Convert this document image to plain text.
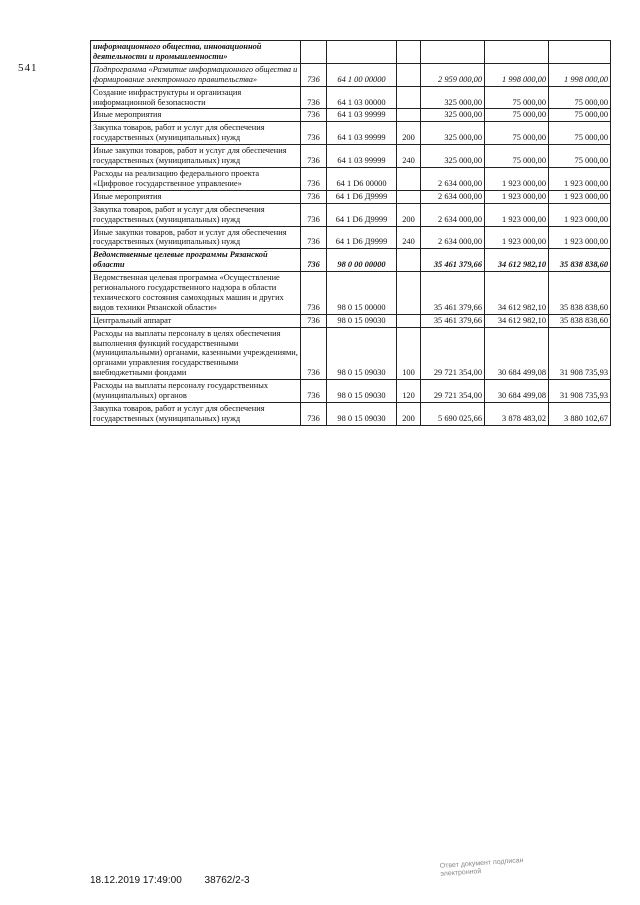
541
информационного общества, инновационной деятельности и промышленности»						
Подпрограмма «Развитие информационного общества и формирование электронного правительства»	736	64 1 00 00000		2 959 000,00	1 998 000,00	1 998 000,00
Создание инфраструктуры и организация информационной безопасности	736	64 1 03 00000		325 000,00	75 000,00	75 000,00
Иные мероприятия	736	64 1 03 99999		325 000,00	75 000,00	75 000,00
Закупка товаров, работ и услуг для обеспечения государственных (муниципальных) нужд	736	64 1 03 99999	200	325 000,00	75 000,00	75 000,00
Иные закупки товаров, работ и услуг для обеспечения государственных (муниципальных) нужд	736	64 1 03 99999	240	325 000,00	75 000,00	75 000,00
Расходы на реализацию федерального проекта «Цифровое государственное управление»	736	64 1 D6 00000		2 634 000,00	1 923 000,00	1 923 000,00
Иные мероприятия	736	64 1 D6 Д9999		2 634 000,00	1 923 000,00	1 923 000,00
Закупка товаров, работ и услуг для обеспечения государственных (муниципальных) нужд	736	64 1 D6 Д9999	200	2 634 000,00	1 923 000,00	1 923 000,00
Иные закупки товаров, работ и услуг для обеспечения государственных (муниципальных) нужд	736	64 1 D6 Д9999	240	2 634 000,00	1 923 000,00	1 923 000,00
Ведомственные целевые программы Рязанской области	736	98 0 00 00000		35 461 379,66	34 612 982,10	35 838 838,60
Ведомственная целевая программа «Осуществление регионального государственного надзора в области технического состояния самоходных машин и других видов техники Рязанской области»	736	98 0 15 00000		35 461 379,66	34 612 982,10	35 838 838,60
Центральный аппарат	736	98 0 15 09030		35 461 379,66	34 612 982,10	35 838 838,60
Расходы на выплаты персоналу в целях обеспечения выполнения функций государственными (муниципальными) органами, казенными учреждениями, органами управления государственными внебюджетными фондами	736	98 0 15 09030	100	29 721 354,00	30 684 499,08	31 908 735,93
Расходы на выплаты персоналу государственных (муниципальных) органов	736	98 0 15 09030	120	29 721 354,00	30 684 499,08	31 908 735,93
Закупка товаров, работ и услуг для обеспечения государственных (муниципальных) нужд	736	98 0 15 09030	200	5 690 025,66	3 878 483,02	3 880 102,67
18.12.2019 17:49:00 38762/2-3
Ответ документ подписан
электронной
